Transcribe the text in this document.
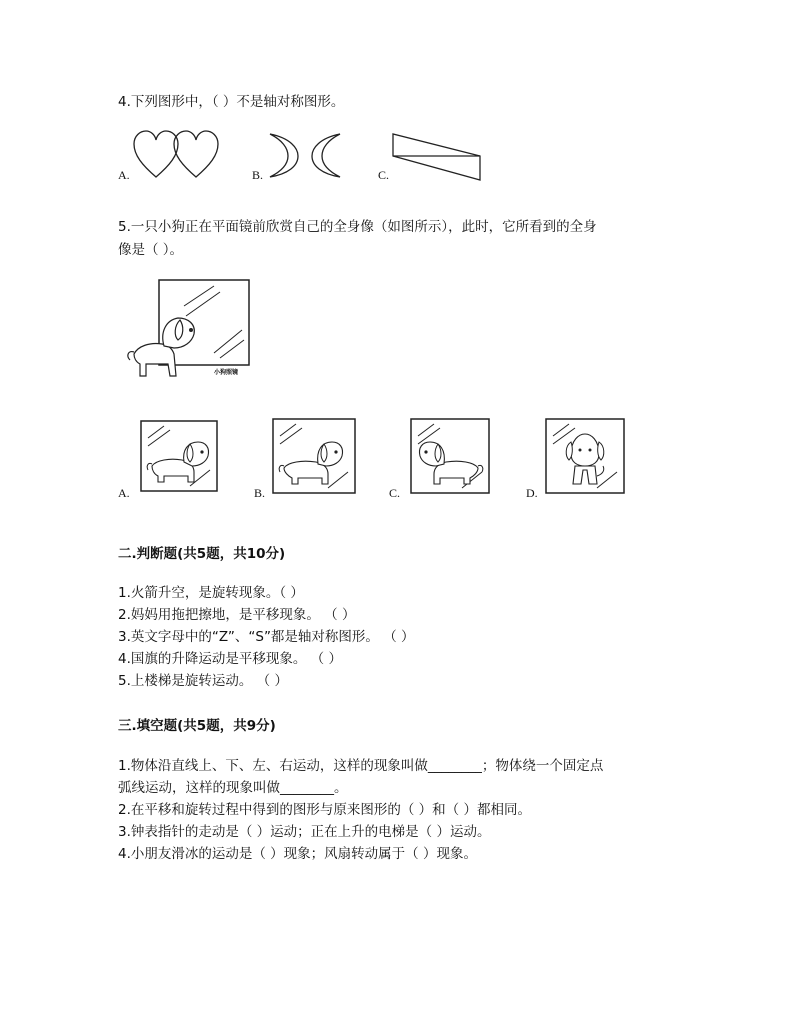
4.下列图形中，（ ）不是轴对称图形。
A.	B.	C.
5.一只小狗正在平面镜前欣赏自己的全身像（如图所示），此时，它所看到的全身
像是（ ）。
小狗照镜
A.	B.	C.	D.
二.判断题(共5题，共10分)
1.火箭升空，是旋转现象。（ ）
2.妈妈用拖把擦地，是平移现象。 （ ）
3.英文字母中的“Z”、“S”都是轴对称图形。 （ ）
4.国旗的升降运动是平移现象。 （ ）
5.上楼梯是旋转运动。 （ ）
三.填空题(共5题，共9分)
1.物体沿直线上、下、左、右运动，这样的现象叫做________；物体绕一个固定点
弧线运动，这样的现象叫做________。
2.在平移和旋转过程中得到的图形与原来图形的（ ）和（ ）都相同。
3.钟表指针的走动是（ ）运动；正在上升的电梯是（ ）运动。
4.小朋友滑冰的运动是（ ）现象；风扇转动属于（ ）现象。
